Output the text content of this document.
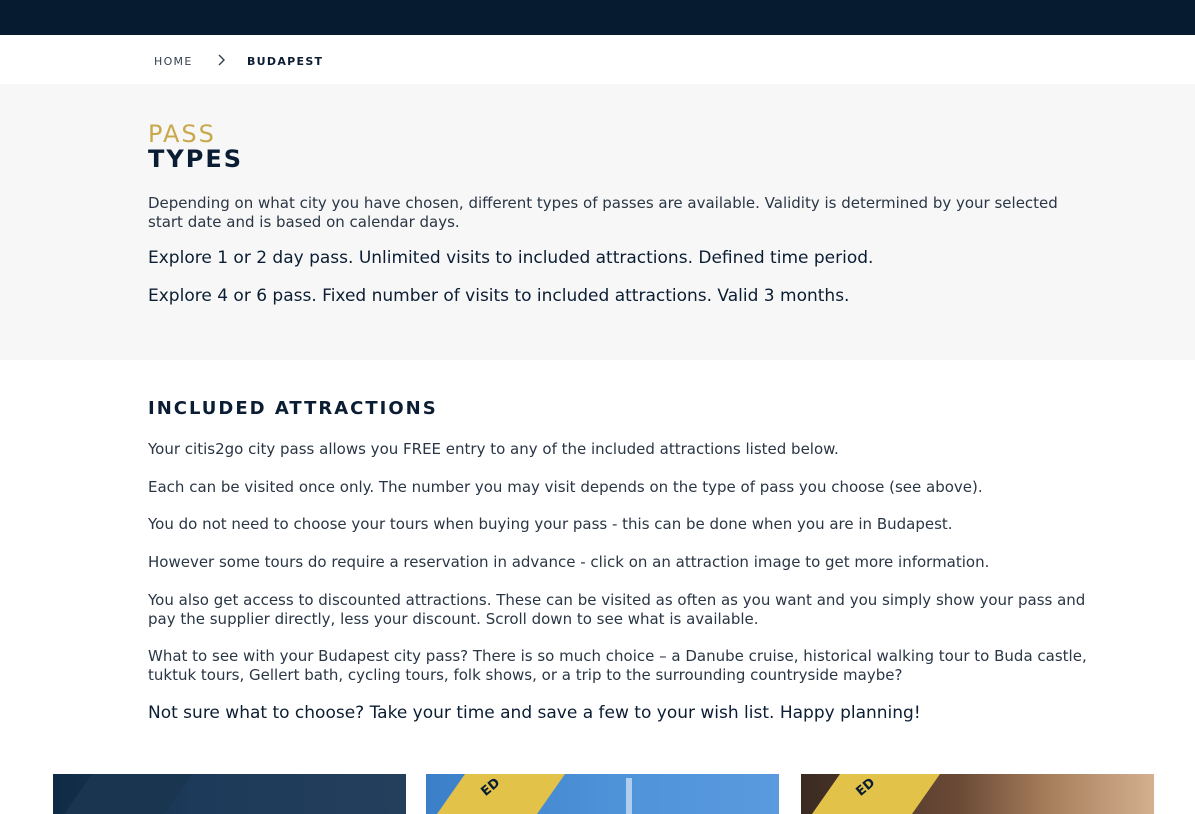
HOME	BUDAPEST
PASS
TYPES

Depending on what city you have chosen, different types of passes are available. Validity is determined by your selected start date and is based on calendar days.

Explore 1 or 2 day pass. Unlimited visits to included attractions. Defined time period.

Explore 4 or 6 pass. Fixed number of visits to included attractions. Valid 3 months.

INCLUDED ATTRACTIONS

Your citis2go city pass allows you FREE entry to any of the included attractions listed below.

Each can be visited once only. The number you may visit depends on the type of pass you choose (see above).

You do not need to choose your tours when buying your pass - this can be done when you are in Budapest.

However some tours do require a reservation in advance - click on an attraction image to get more information.

You also get access to discounted attractions. These can be visited as often as you want and you simply show your pass and pay the supplier directly, less your discount. Scroll down to see what is available.

What to see with your Budapest city pass? There is so much choice – a Danube cruise, historical walking tour to Buda castle, tuktuk tours, Gellert bath, cycling tours, folk shows, or a trip to the surrounding countryside maybe?

Not sure what to choose? Take your time and save a few to your wish list. Happy planning!

ED	ED
